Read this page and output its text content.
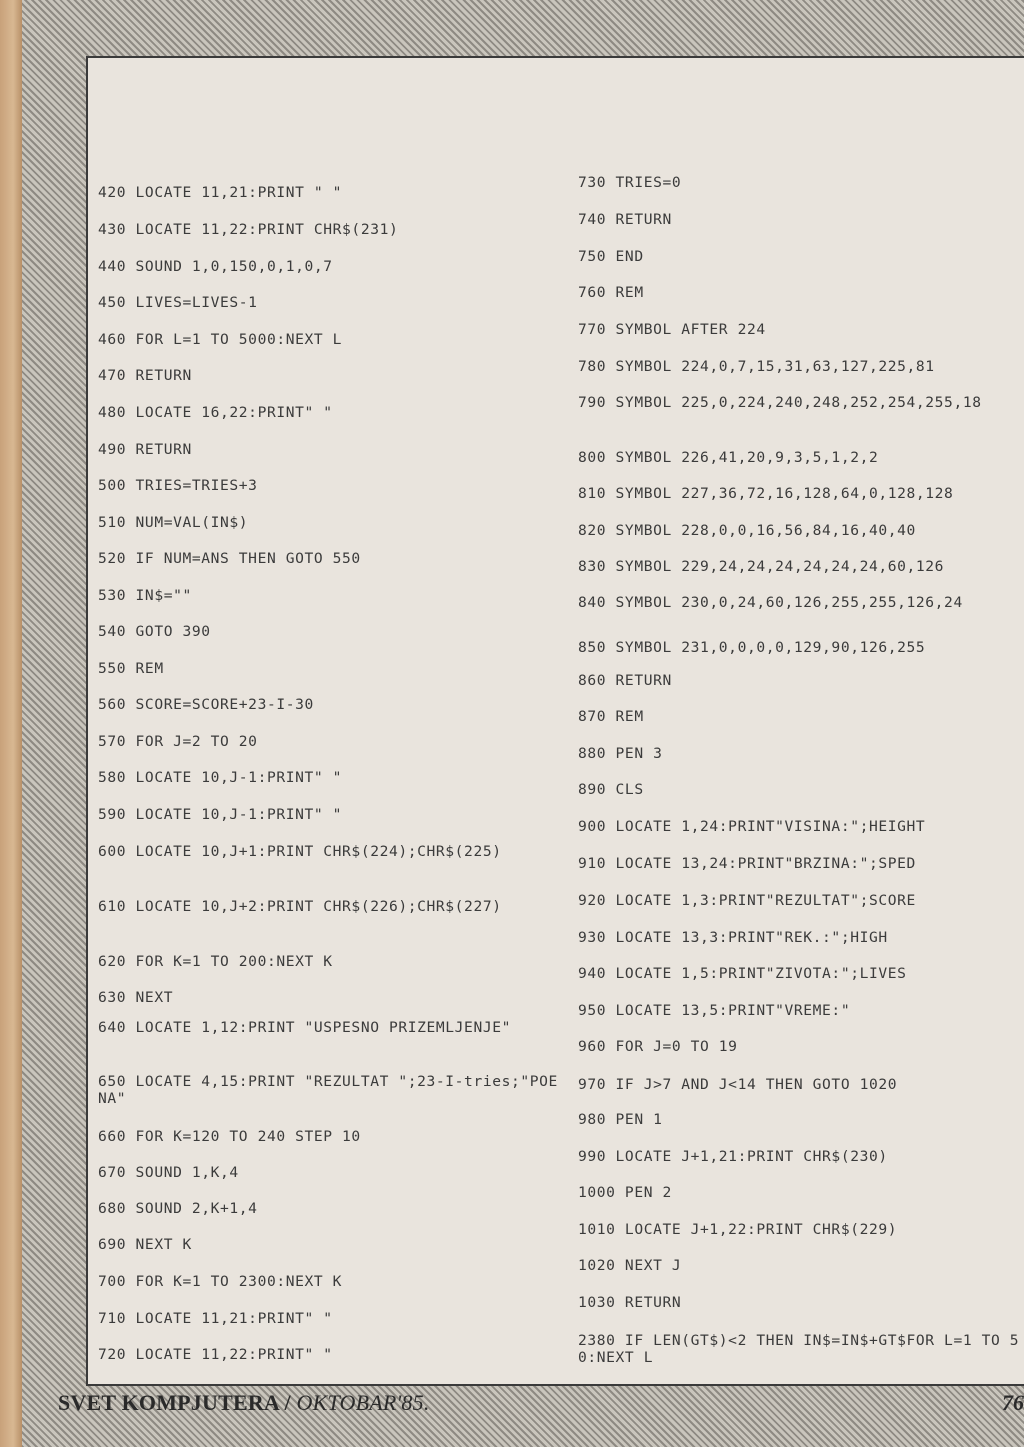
420 LOCATE 11,21:PRINT " "
430 LOCATE 11,22:PRINT CHR$(231)
440 SOUND 1,0,150,0,1,0,7
450 LIVES=LIVES-1
460 FOR L=1 TO 5000:NEXT L
470 RETURN
480 LOCATE 16,22:PRINT" "
490 RETURN
500 TRIES=TRIES+3
510 NUM=VAL(IN$)
520 IF NUM=ANS THEN GOTO 550
530 IN$=""
540 GOTO 390
550 REM
560 SCORE=SCORE+23-I-30
570 FOR J=2 TO 20
580 LOCATE 10,J-1:PRINT" "
590 LOCATE 10,J-1:PRINT" "
600 LOCATE 10,J+1:PRINT CHR$(224);CHR$(225)
610 LOCATE 10,J+2:PRINT CHR$(226);CHR$(227)
620 FOR K=1 TO 200:NEXT K
630 NEXT
640 LOCATE 1,12:PRINT "USPESNO PRIZEMLJENJE"
650 LOCATE 4,15:PRINT "REZULTAT ";23-I-tries;"POENA"
660 FOR K=120 TO 240 STEP 10
670 SOUND 1,K,4
680 SOUND 2,K+1,4
690 NEXT K
700 FOR K=1 TO 2300:NEXT K
710 LOCATE 11,21:PRINT" "
720 LOCATE 11,22:PRINT" "
730 TRIES=0
740 RETURN
750 END
760 REM
770 SYMBOL AFTER 224
780 SYMBOL 224,0,7,15,31,63,127,225,81
790 SYMBOL 225,0,224,240,248,252,254,255,18
800 SYMBOL 226,41,20,9,3,5,1,2,2
810 SYMBOL 227,36,72,16,128,64,0,128,128
820 SYMBOL 228,0,0,16,56,84,16,40,40
830 SYMBOL 229,24,24,24,24,24,24,60,126
840 SYMBOL 230,0,24,60,126,255,255,126,24
850 SYMBOL 231,0,0,0,0,129,90,126,255
860 RETURN
870 REM
880 PEN 3
890 CLS
900 LOCATE 1,24:PRINT"VISINA:";HEIGHT
910 LOCATE 13,24:PRINT"BRZINA:";SPED
920 LOCATE 1,3:PRINT"REZULTAT";SCORE
930 LOCATE 13,3:PRINT"REK.:";HIGH
940 LOCATE 1,5:PRINT"ZIVOTA:";LIVES
950 LOCATE 13,5:PRINT"VREME:"
960 FOR J=0 TO 19
970 IF J>7 AND J<14 THEN GOTO 1020
980 PEN 1
990 LOCATE J+1,21:PRINT CHR$(230)
1000 PEN 2
1010 LOCATE J+1,22:PRINT CHR$(229)
1020 NEXT J
1030 RETURN
2380 IF LEN(GT$)<2 THEN IN$=IN$+GT$FOR L=1 TO 50:NEXT L
SVET KOMPJUTERA / OKTOBAR'85.	76
